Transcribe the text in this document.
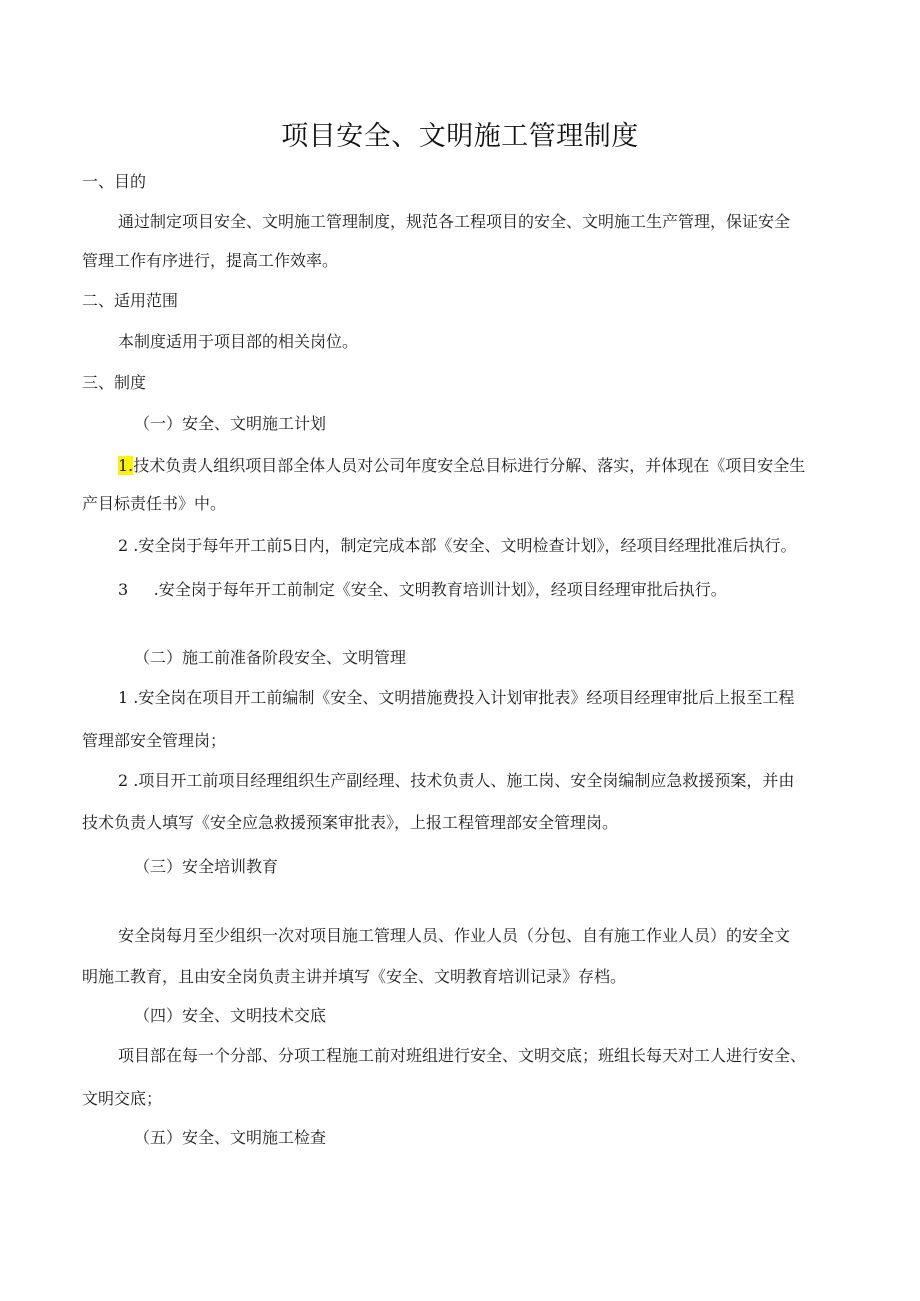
项目安全、文明施工管理制度
一、目的
通过制定项目安全、文明施工管理制度，规范各工程项目的安全、文明施工生产管理，保证安全
管理工作有序进行，提高工作效率。
二、适用范围
本制度适用于项目部的相关岗位。
三、制度
（一）安全、文明施工计划
1.技术负责人组织项目部全体人员对公司年度安全总目标进行分解、落实，并体现在《项目安全生
产目标责任书》中。
2 .安全岗于每年开工前5日内，制定完成本部《安全、文明检查计划》，经项目经理批准后执行。
3 .安全岗于每年开工前制定《安全、文明教育培训计划》，经项目经理审批后执行。
（二）施工前准备阶段安全、文明管理
1 .安全岗在项目开工前编制《安全、文明措施费投入计划审批表》经项目经理审批后上报至工程
管理部安全管理岗；
2 .项目开工前项目经理组织生产副经理、技术负责人、施工岗、安全岗编制应急救援预案，并由
技术负责人填写《安全应急救援预案审批表》，上报工程管理部安全管理岗。
（三）安全培训教育
安全岗每月至少组织一次对项目施工管理人员、作业人员（分包、自有施工作业人员）的安全文
明施工教育，且由安全岗负责主讲并填写《安全、文明教育培训记录》存档。
（四）安全、文明技术交底
项目部在每一个分部、分项工程施工前对班组进行安全、文明交底；班组长每天对工人进行安全、
文明交底；
（五）安全、文明施工检查
